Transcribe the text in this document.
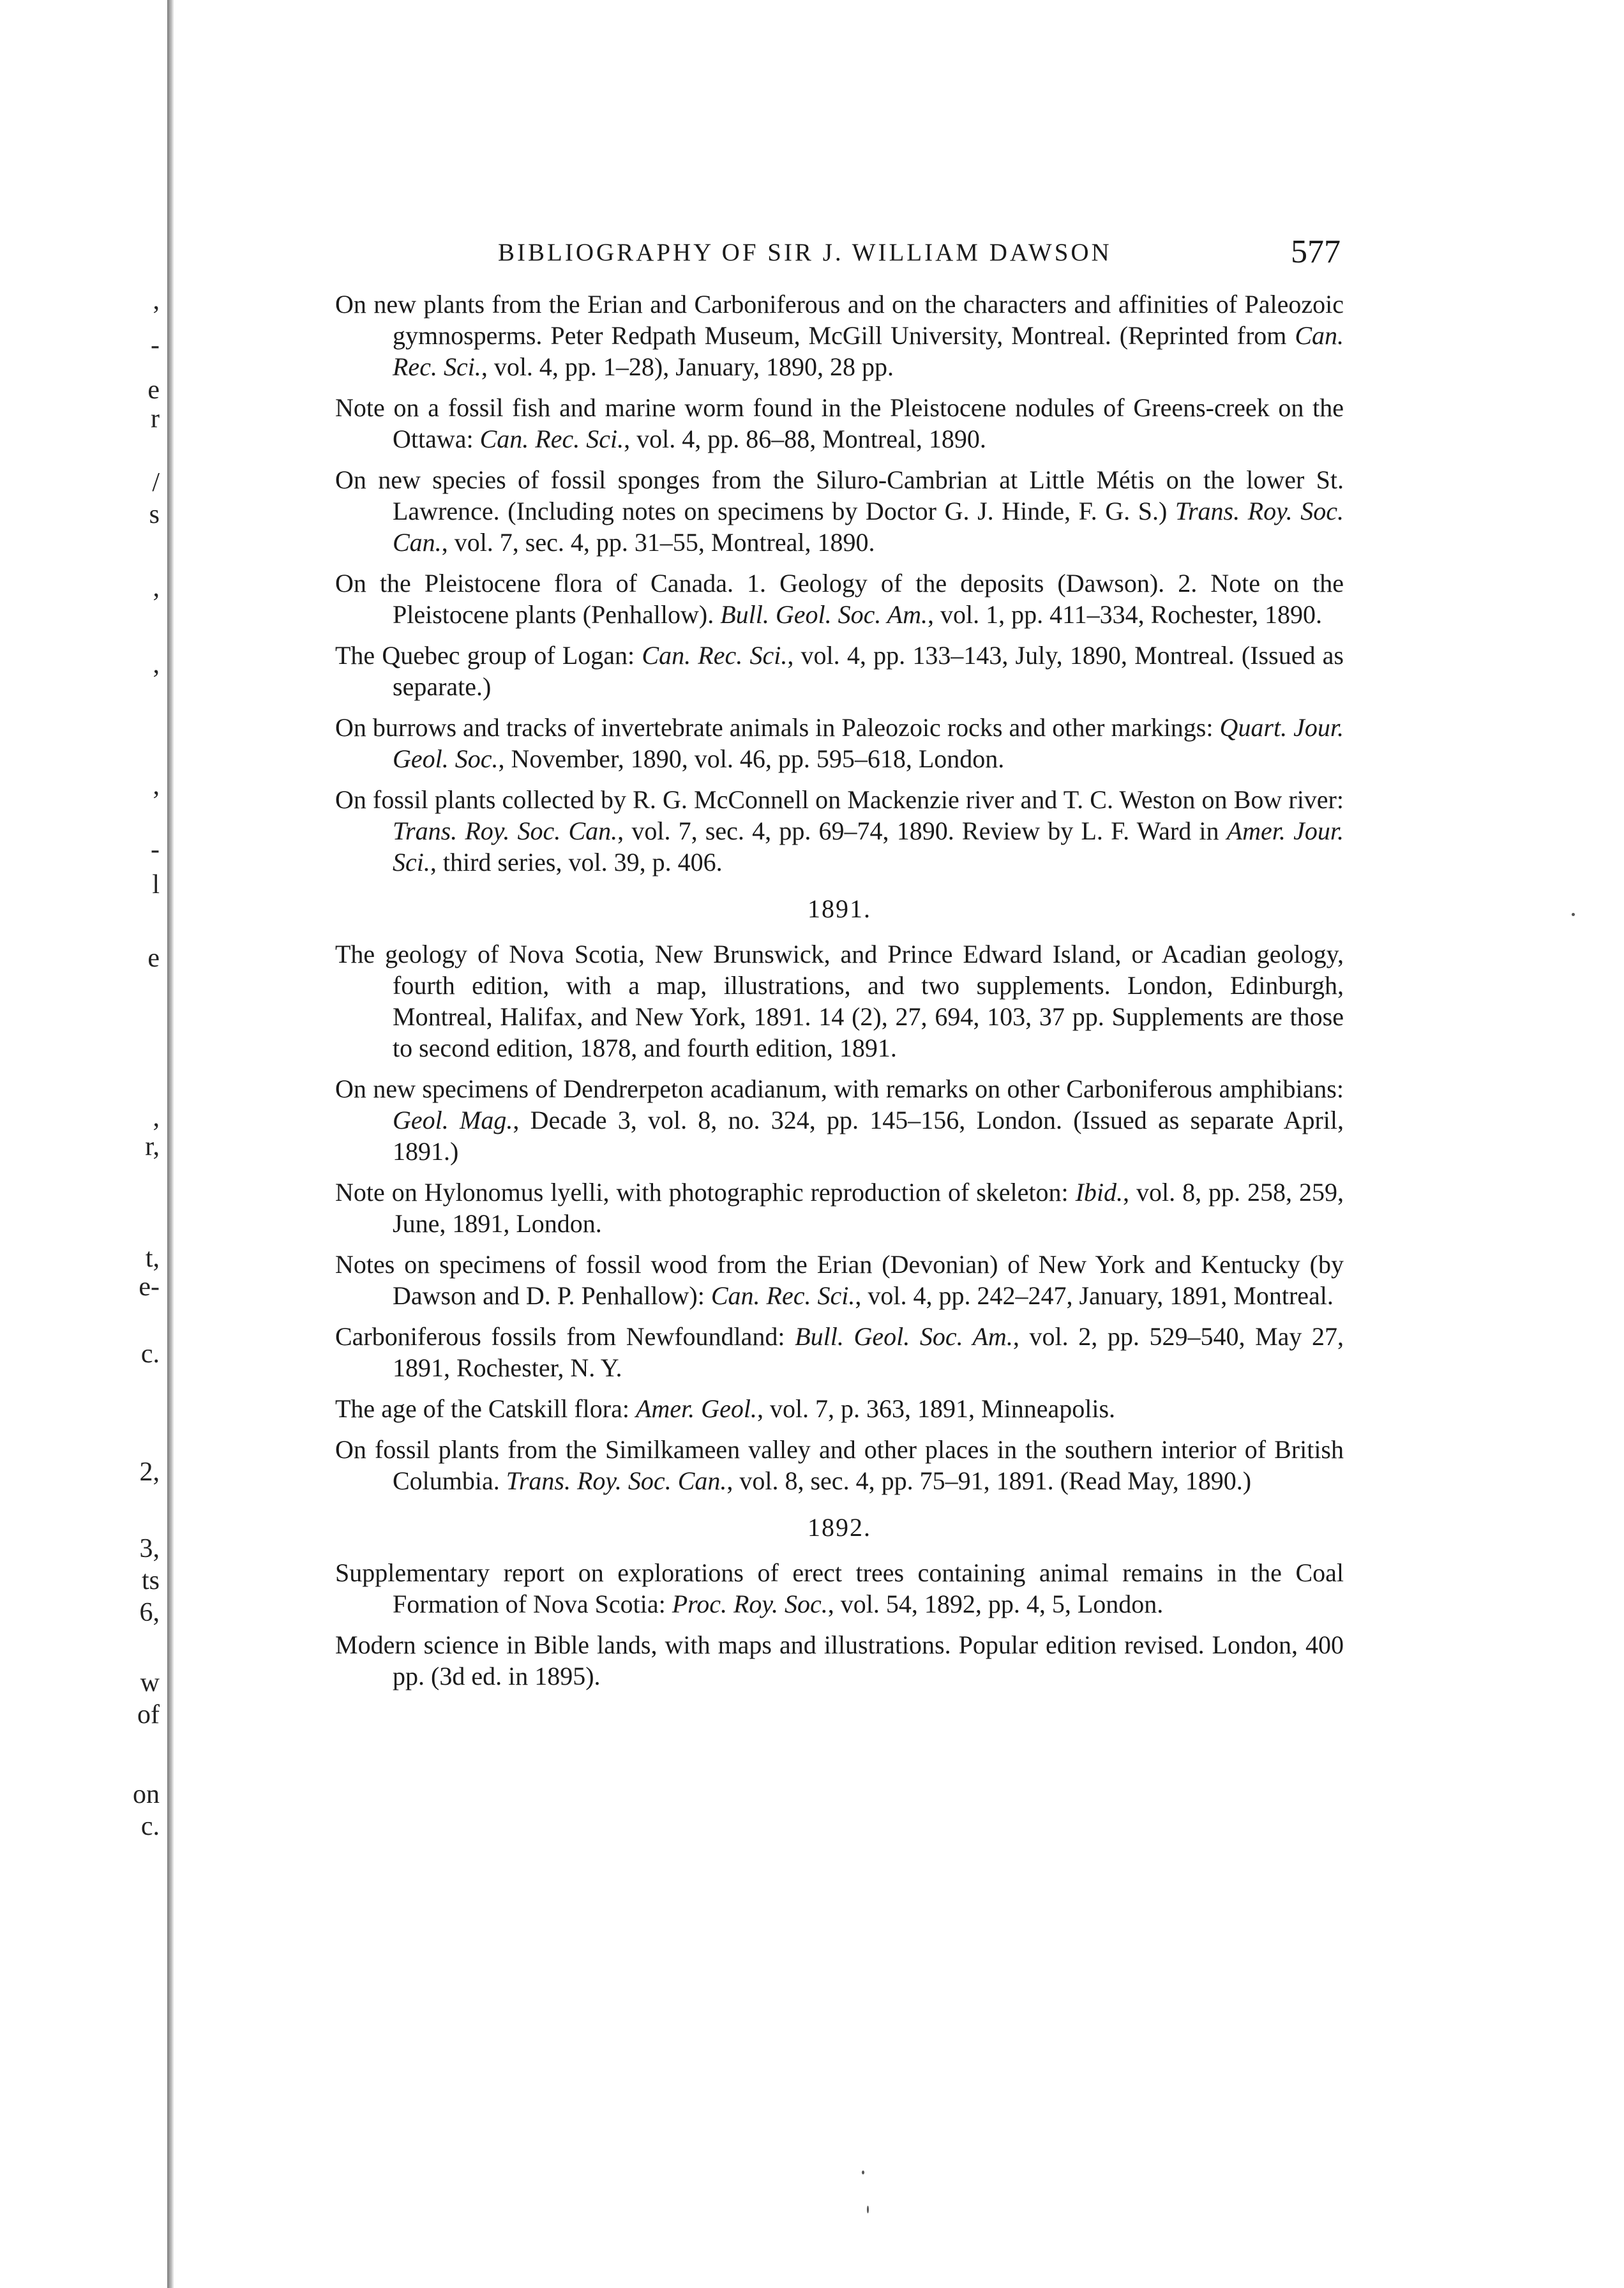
,
-
e
r
/
s
,
,
,
-
l
e
,
r,
t,
e-
c.
2,
3,
ts
6,
w
of
on
c.
BIBLIOGRAPHY OF SIR J. WILLIAM DAWSON	577

On new plants from the Erian and Carboniferous and on the characters and affinities of Paleozoic gymnosperms. Peter Redpath Museum, McGill University, Montreal. (Reprinted from Can. Rec. Sci., vol. 4, pp. 1–28), January, 1890, 28 pp.

Note on a fossil fish and marine worm found in the Pleistocene nodules of Greens-creek on the Ottawa: Can. Rec. Sci., vol. 4, pp. 86–88, Montreal, 1890.

On new species of fossil sponges from the Siluro-Cambrian at Little Métis on the lower St. Lawrence. (Including notes on specimens by Doctor G. J. Hinde, F. G. S.) Trans. Roy. Soc. Can., vol. 7, sec. 4, pp. 31–55, Montreal, 1890.

On the Pleistocene flora of Canada. 1. Geology of the deposits (Dawson). 2. Note on the Pleistocene plants (Penhallow). Bull. Geol. Soc. Am., vol. 1, pp. 411–334, Rochester, 1890.

The Quebec group of Logan: Can. Rec. Sci., vol. 4, pp. 133–143, July, 1890, Montreal. (Issued as separate.)

On burrows and tracks of invertebrate animals in Paleozoic rocks and other markings: Quart. Jour. Geol. Soc., November, 1890, vol. 46, pp. 595–618, London.

On fossil plants collected by R. G. McConnell on Mackenzie river and T. C. Weston on Bow river: Trans. Roy. Soc. Can., vol. 7, sec. 4, pp. 69–74, 1890. Review by L. F. Ward in Amer. Jour. Sci., third series, vol. 39, p. 406.

1891.

The geology of Nova Scotia, New Brunswick, and Prince Edward Island, or Acadian geology, fourth edition, with a map, illustrations, and two supplements. London, Edinburgh, Montreal, Halifax, and New York, 1891. 14 (2), 27, 694, 103, 37 pp. Supplements are those to second edition, 1878, and fourth edition, 1891.

On new specimens of Dendrerpeton acadianum, with remarks on other Carboniferous amphibians: Geol. Mag., Decade 3, vol. 8, no. 324, pp. 145–156, London. (Issued as separate April, 1891.)

Note on Hylonomus lyelli, with photographic reproduction of skeleton: Ibid., vol. 8, pp. 258, 259, June, 1891, London.

Notes on specimens of fossil wood from the Erian (Devonian) of New York and Kentucky (by Dawson and D. P. Penhallow): Can. Rec. Sci., vol. 4, pp. 242–247, January, 1891, Montreal.

Carboniferous fossils from Newfoundland: Bull. Geol. Soc. Am., vol. 2, pp. 529–540, May 27, 1891, Rochester, N. Y.

The age of the Catskill flora: Amer. Geol., vol. 7, p. 363, 1891, Minneapolis.

On fossil plants from the Similkameen valley and other places in the southern interior of British Columbia. Trans. Roy. Soc. Can., vol. 8, sec. 4, pp. 75–91, 1891. (Read May, 1890.)

1892.

Supplementary report on explorations of erect trees containing animal remains in the Coal Formation of Nova Scotia: Proc. Roy. Soc., vol. 54, 1892, pp. 4, 5, London.

Modern science in Bible lands, with maps and illustrations. Popular edition revised. London, 400 pp. (3d ed. in 1895).
